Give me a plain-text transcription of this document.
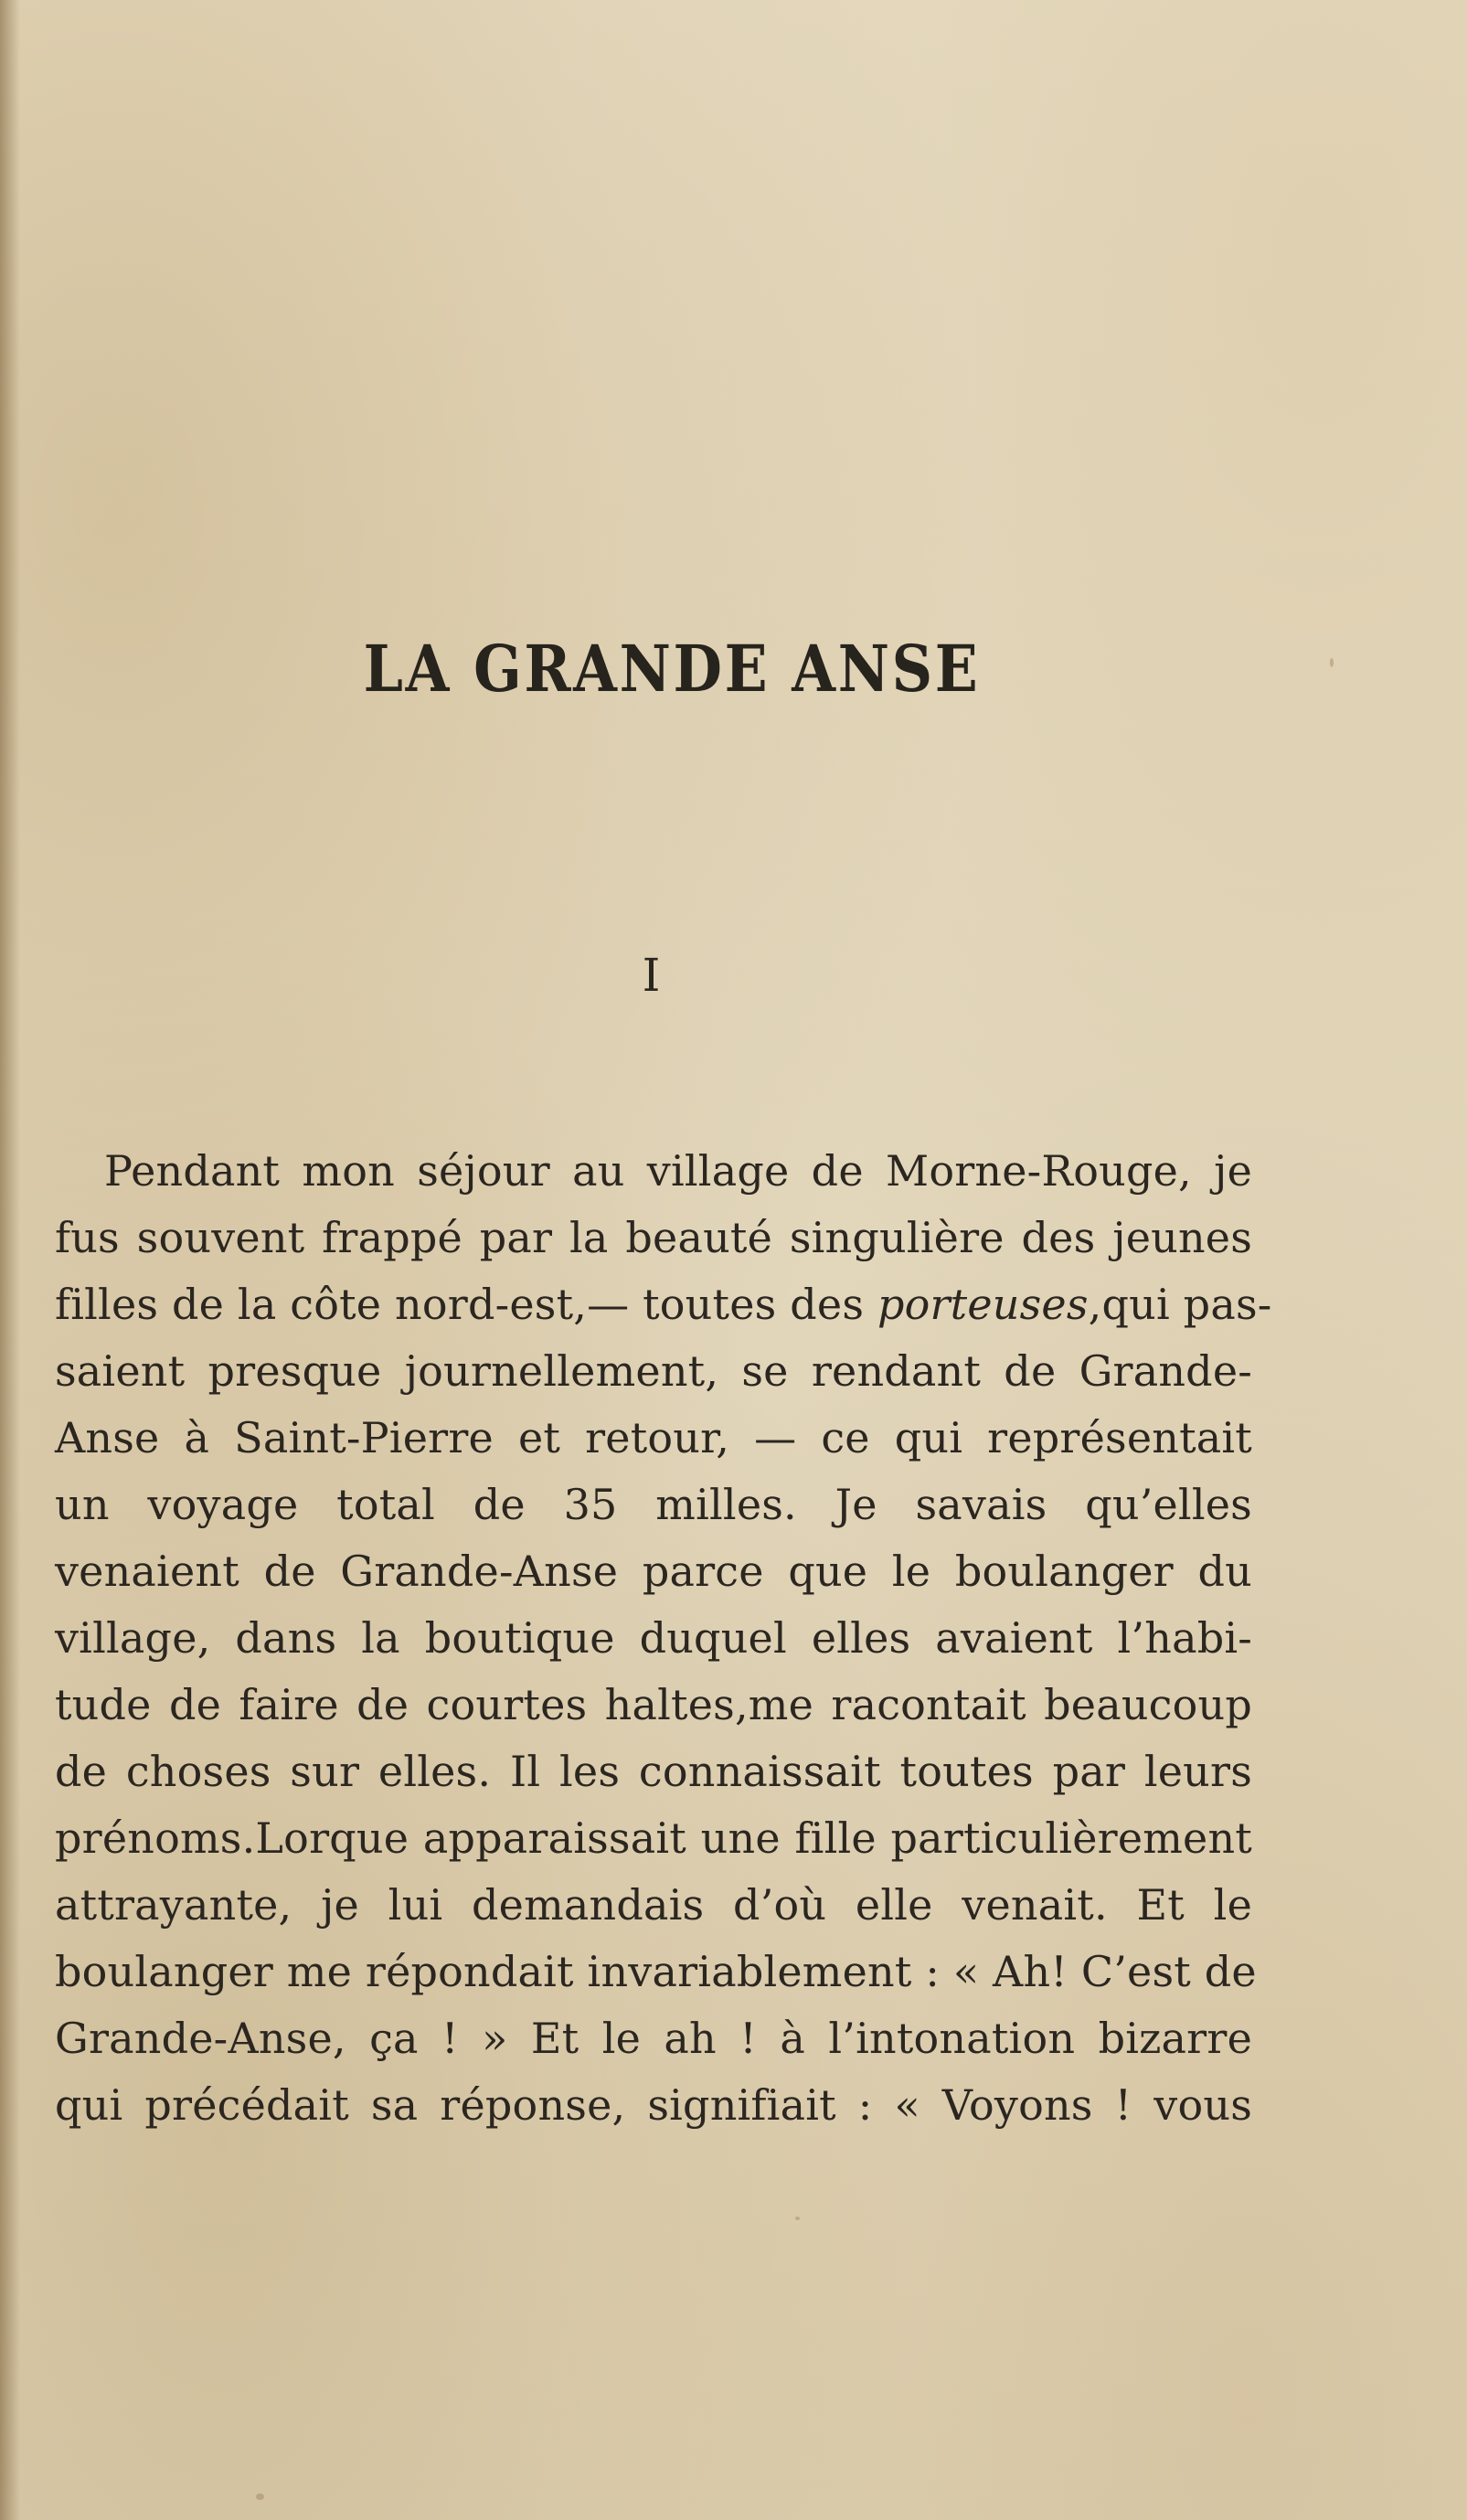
LA GRANDE ANSE
I
Pendant mon séjour au village de Morne-Rouge, je
fus souvent frappé par la beauté singulière des jeunes
filles de la côte nord-est,— toutes des porteuses,qui pas-
saient presque journellement, se rendant de Grande-
Anse à Saint-Pierre et retour, — ce qui représentait
un voyage total de 35 milles. Je savais qu’elles
venaient de Grande-Anse parce que le boulanger du
village, dans la boutique duquel elles avaient l’habi-
tude de faire de courtes haltes,me racontait beaucoup
de choses sur elles. Il les connaissait toutes par leurs
prénoms.Lorque apparaissait une fille particulièrement
attrayante, je lui demandais d’où elle venait. Et le
boulanger me répondait invariablement : « Ah! C’est de
Grande-Anse, ça ! » Et le ah ! à l’intonation bizarre
qui précédait sa réponse, signifiait : « Voyons ! vous
